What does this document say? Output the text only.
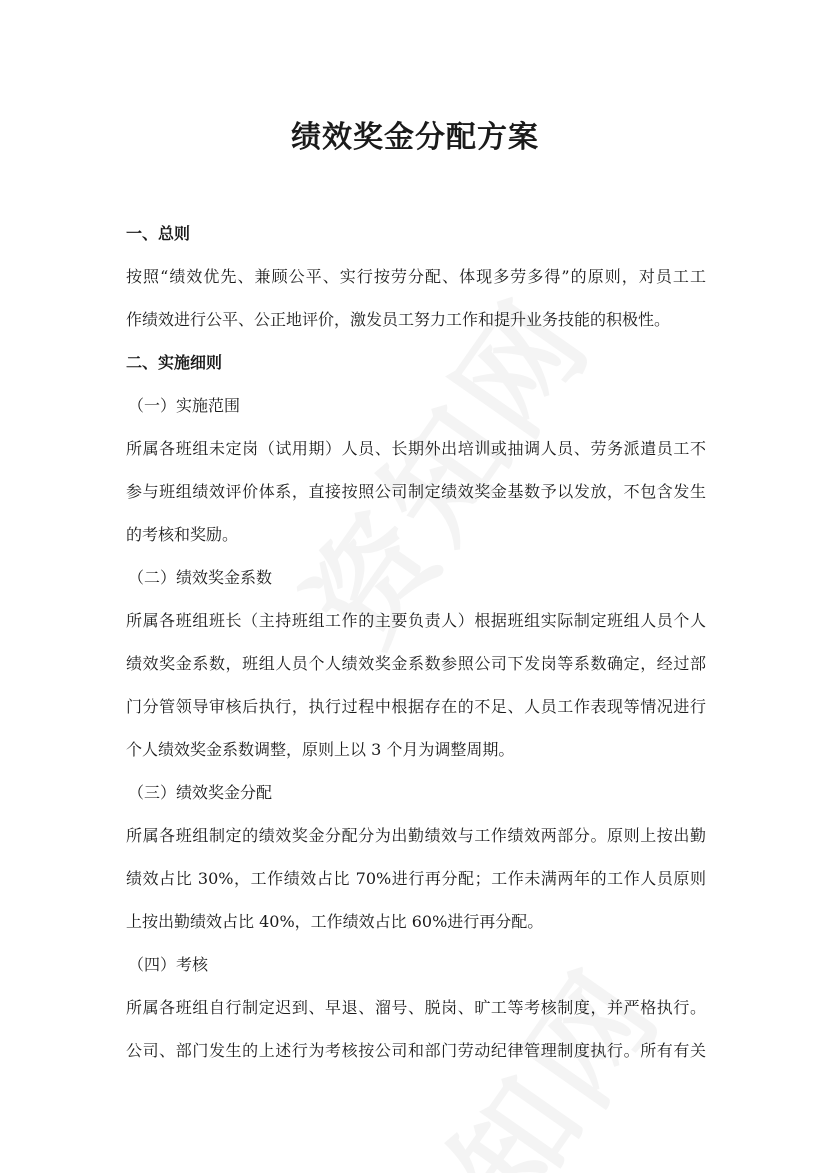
绩效奖金分配方案
一、总则
按照“绩效优先、兼顾公平、实行按劳分配、体现多劳多得”的原则，对员工工
作绩效进行公平、公正地评价，激发员工努力工作和提升业务技能的积极性。
二、实施细则
（一）实施范围
所属各班组未定岗（试用期）人员、长期外出培训或抽调人员、劳务派遣员工不
参与班组绩效评价体系，直接按照公司制定绩效奖金基数予以发放，不包含发生
的考核和奖励。
（二）绩效奖金系数
所属各班组班长（主持班组工作的主要负责人）根据班组实际制定班组人员个人
绩效奖金系数，班组人员个人绩效奖金系数参照公司下发岗等系数确定，经过部
门分管领导审核后执行，执行过程中根据存在的不足、人员工作表现等情况进行
个人绩效奖金系数调整，原则上以 3 个月为调整周期。
（三）绩效奖金分配
所属各班组制定的绩效奖金分配分为出勤绩效与工作绩效两部分。原则上按出勤
绩效占比 30%，工作绩效占比 70%进行再分配；工作未满两年的工作人员原则
上按出勤绩效占比 40%，工作绩效占比 60%进行再分配。
（四）考核
所属各班组自行制定迟到、早退、溜号、脱岗、旷工等考核制度，并严格执行。
公司、部门发生的上述行为考核按公司和部门劳动纪律管理制度执行。所有有关
